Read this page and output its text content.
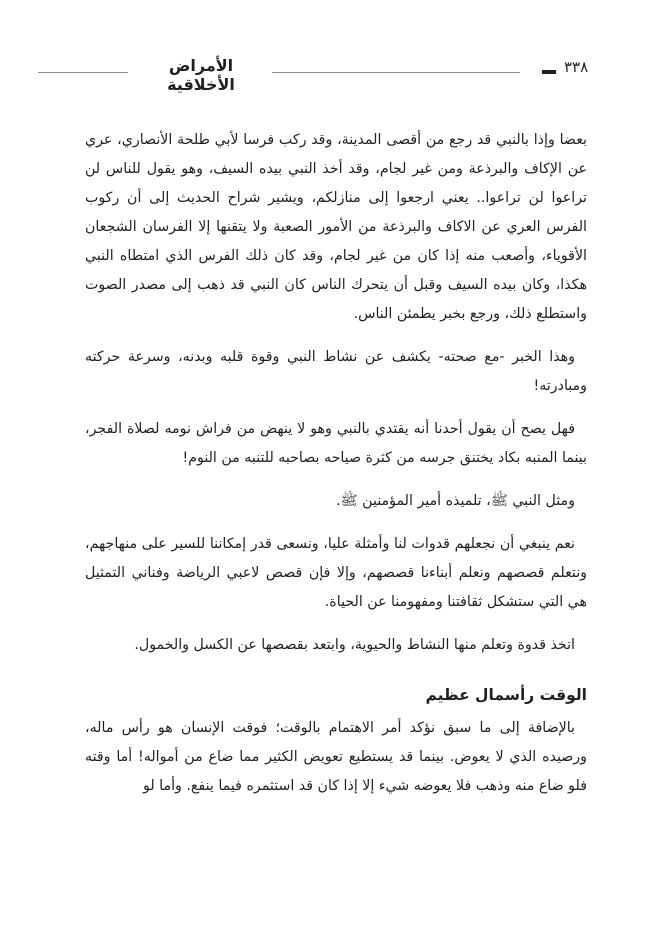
الأمراض الأخلاقية
٣٣٨

بعضا وإذا بالنبي قد رجع من أقصى المدينة، وقد ركب فرسا لأبي طلحة الأنصاري، عري عن الإكاف والبرذعة ومن غير لجام، وقد أخذ النبي بيده السيف، وهو يقول للناس لن تراعوا لن تراعوا.. يعني ارجعوا إلى منازلكم، ويشير شراح الحديث إلى أن ركوب الفرس العري عن الاكاف والبرذعة من الأمور الصعبة ولا يتقنها إلا الفرسان الشجعان الأقوياء، وأصعب منه إذا كان من غير لجام، وقد كان ذلك الفرس الذي امتطاه النبي هكذا، وكان بيده السيف وقبل أن يتحرك الناس كان النبي قد ذهب إلى مصدر الصوت واستطلع ذلك، ورجع بخبر يطمئن الناس.

وهذا الخبر -مع صحته- يكشف عن نشاط النبي وقوة قلبه وبدنه، وسرعة حركته ومبادرته!

فهل يصح أن يقول أحدنا أنه يقتدي بالنبي وهو لا ينهض من فراش نومه لصلاة الفجر، بينما المنبه بكاد يختنق جرسه من كثرة صياحه بصاحبه للتنبه من النوم!

ومثل النبي ﷺ، تلميذه أمير المؤمنين ﷺ.

نعم ينبغي أن نجعلهم قدوات لنا وأمثلة عليا، ونسعى قدر إمكاننا للسير على منهاجهم، ونتعلم قصصهم ونعلم أبناءنا قصصهم، وإلا فإن قصص لاعبي الرياضة وفناني التمثيل هي التي ستشكل ثقافتنا ومفهومنا عن الحياة.

اتخذ قدوة وتعلم منها النشاط والحيوية، وابتعد بقصصها عن الكسل والخمول.

الوقت رأسمال عظيم

بالإضافة إلى ما سبق نؤكد أمر الاهتمام بالوقت؛ فوقت الإنسان هو رأس ماله، ورصيده الذي لا يعوض. بينما قد يستطيع تعويض الكثير مما ضاع من أمواله! أما وقته فلو ضاع منه وذهب فلا يعوضه شيء إلا إذا كان قد استثمره فيما ينفع. وأما لو
